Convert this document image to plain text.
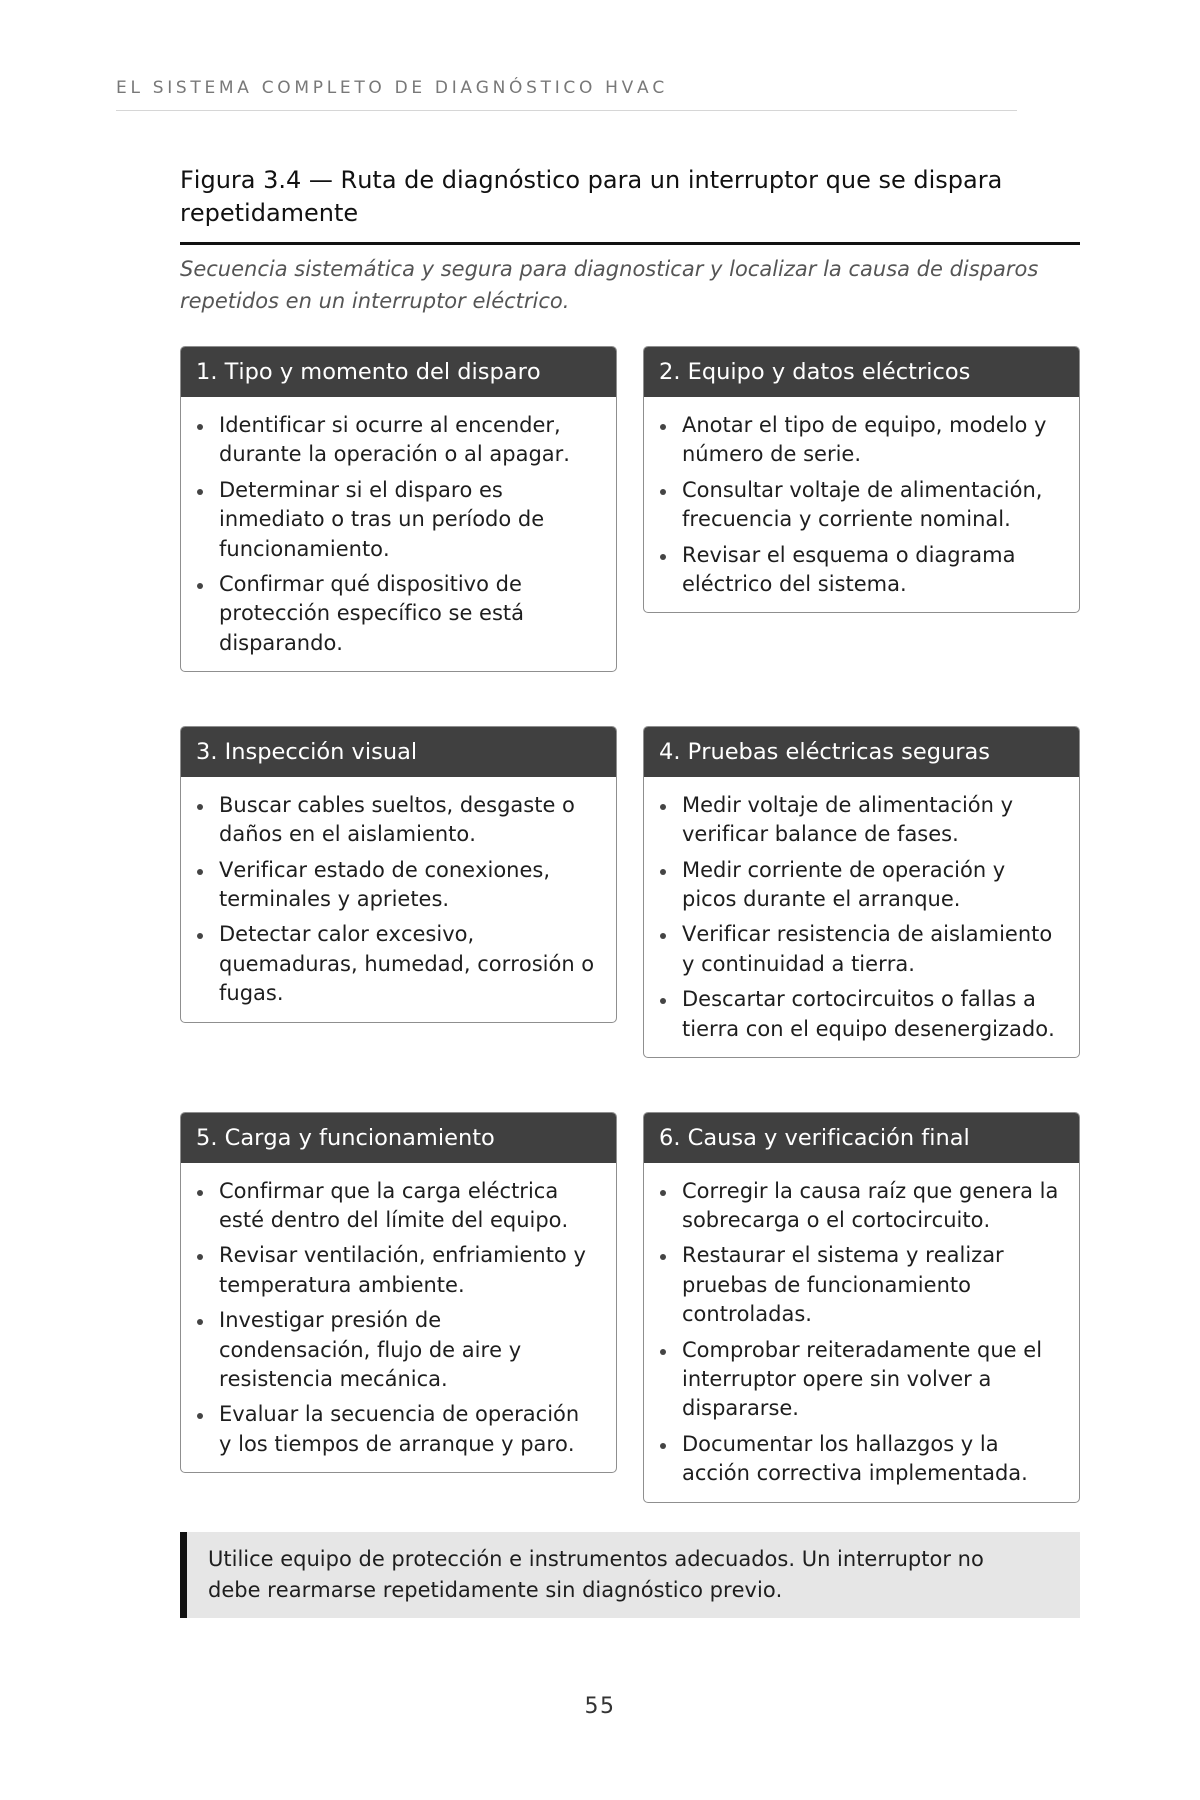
EL SISTEMA COMPLETO DE DIAGNÓSTICO HVAC
Figura 3.4 — Ruta de diagnóstico para un interruptor que se dispara repetidamente

Secuencia sistemática y segura para diagnosticar y localizar la causa de disparos repetidos en un interruptor eléctrico.

1. Tipo y momento del disparo
Identificar si ocurre al encender, durante la operación o al apagar.
Determinar si el disparo es inmediato o tras un período de funcionamiento.
Confirmar qué dispositivo de protección específico se está disparando.
2. Equipo y datos eléctricos
Anotar el tipo de equipo, modelo y número de serie.
Consultar voltaje de alimentación, frecuencia y corriente nominal.
Revisar el esquema o diagrama eléctrico del sistema.
3. Inspección visual
Buscar cables sueltos, desgaste o daños en el aislamiento.
Verificar estado de conexiones, terminales y aprietes.
Detectar calor excesivo, quemaduras, humedad, corrosión o fugas.
4. Pruebas eléctricas seguras
Medir voltaje de alimentación y verificar balance de fases.
Medir corriente de operación y picos durante el arranque.
Verificar resistencia de aislamiento y continuidad a tierra.
Descartar cortocircuitos o fallas a tierra con el equipo desenergizado.
5. Carga y funcionamiento
Confirmar que la carga eléctrica esté dentro del límite del equipo.
Revisar ventilación, enfriamiento y temperatura ambiente.
Investigar presión de condensación, flujo de aire y resistencia mecánica.
Evaluar la secuencia de operación y los tiempos de arranque y paro.
6. Causa y verificación final
Corregir la causa raíz que genera la sobrecarga o el cortocircuito.
Restaurar el sistema y realizar pruebas de funcionamiento controladas.
Comprobar reiteradamente que el interruptor opere sin volver a dispararse.
Documentar los hallazgos y la acción correctiva implementada.
Utilice equipo de protección e instrumentos adecuados. Un interruptor no debe rearmarse repetidamente sin diagnóstico previo.
55
